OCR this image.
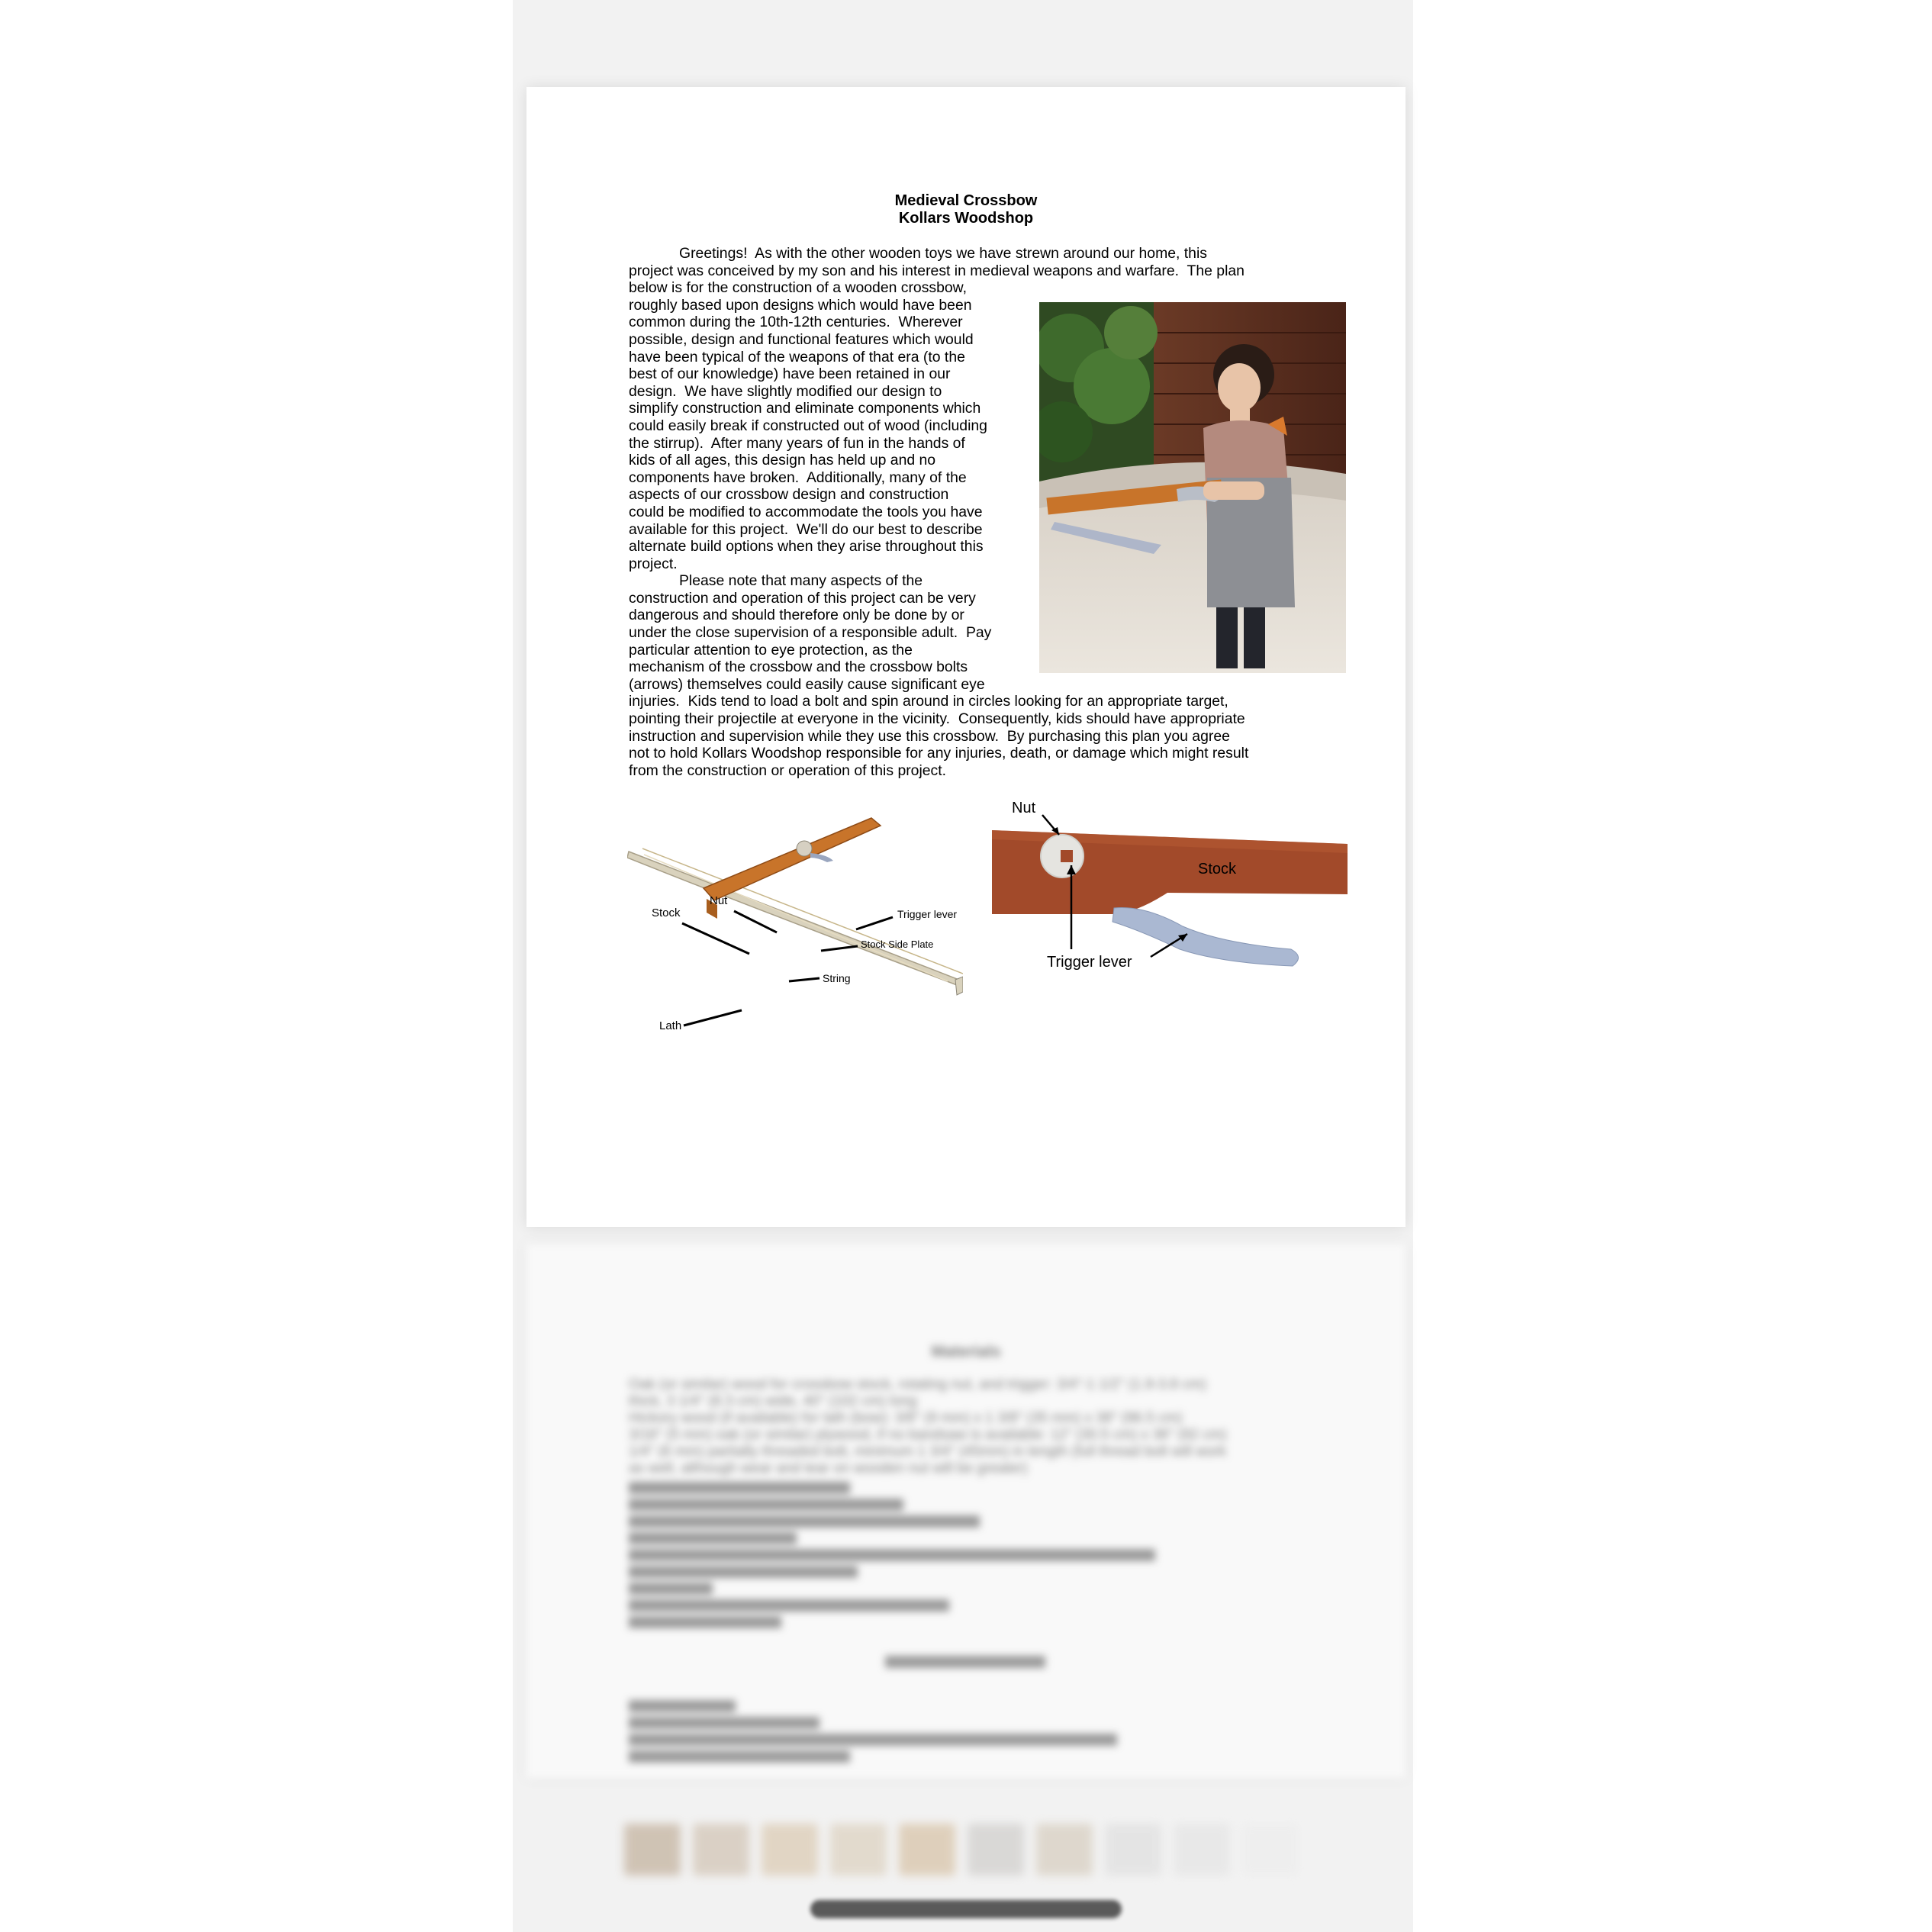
Medieval Crossbow
Kollars Woodshop
Greetings!  As with the other wooden toys we have strewn around our home, this
project was conceived by my son and his interest in medieval weapons and warfare.  The plan
below is for the construction of a wooden crossbow,
roughly based upon designs which would have been
common during the 10th-12th centuries.  Wherever
possible, design and functional features which would
have been typical of the weapons of that era (to the
best of our knowledge) have been retained in our
design.  We have slightly modified our design to
simplify construction and eliminate components which
could easily break if constructed out of wood (including
the stirrup).  After many years of fun in the hands of
kids of all ages, this design has held up and no
components have broken.  Additionally, many of the
aspects of our crossbow design and construction
could be modified to accommodate the tools you have
available for this project.  We'll do our best to describe
alternate build options when they arise throughout this
project.
Please note that many aspects of the
construction and operation of this project can be very
dangerous and should therefore only be done by or
under the close supervision of a responsible adult.  Pay
particular attention to eye protection, as the
mechanism of the crossbow and the crossbow bolts
(arrows) themselves could easily cause significant eye
injuries.  Kids tend to load a bolt and spin around in circles looking for an appropriate target,
pointing their projectile at everyone in the vicinity.  Consequently, kids should have appropriate
instruction and supervision while they use this crossbow.  By purchasing this plan you agree
not to hold Kollars Woodshop responsible for any injuries, death, or damage which might result
from the construction or operation of this project.
Stock
Nut
Trigger lever
Stock Side Plate
String
Lath
Nut
Stock
Trigger lever
Materials
Oak (or similar) wood for crossbow stock, rotating nut, and trigger: 3/4"-1 1/2" (1.9-3.8 cm)
thick, 3 1/4" (8.3 cm) wide, 40" (102 cm) long
Hickory wood (if available) for lath (bow): 3/8" (9 mm) x 1 3/8" (35 mm) x 38" (96.5 cm)
3/16" (5 mm) oak (or similar) plywood, if no bandsaw is available: 12" (30.5 cm) x 36" (92 cm)
1/4" (6 mm) partially threaded bolt, minimum 1 3/4" (45mm) in length (full thread bolt will work
as well, although wear and tear on wooden nut will be greater)
